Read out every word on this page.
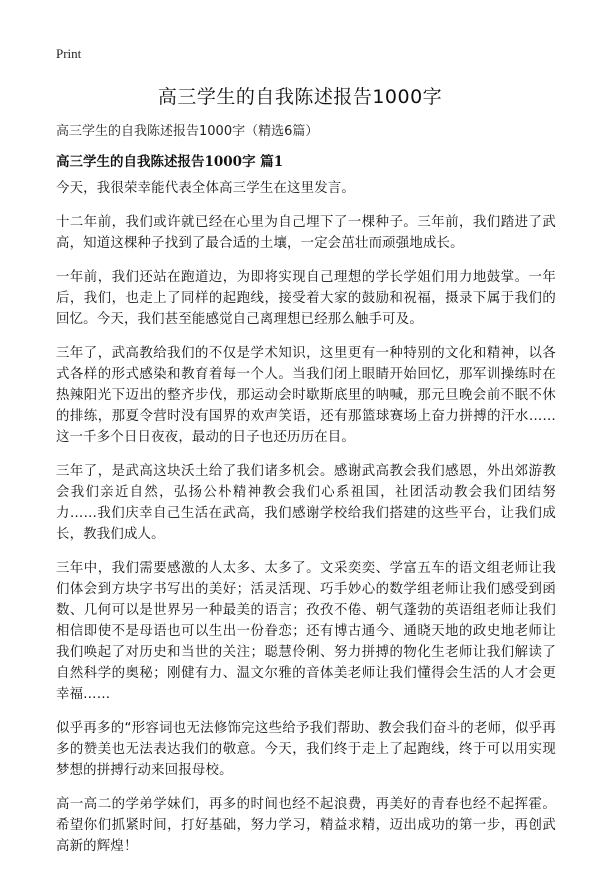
Print
高三学生的自我陈述报告1000字
高三学生的自我陈述报告1000字（精选6篇）
高三学生的自我陈述报告1000字 篇1

今天，我很荣幸能代表全体高三学生在这里发言。

十二年前，我们或许就已经在心里为自己埋下了一棵种子。三年前，我们踏进了武高，知道这棵种子找到了最合适的土壤，一定会茁壮而顽强地成长。

一年前，我们还站在跑道边，为即将实现自己理想的学长学姐们用力地鼓掌。一年后，我们，也走上了同样的起跑线，接受着大家的鼓励和祝福，摄录下属于我们的回忆。今天，我们甚至能感觉自己离理想已经那么触手可及。

三年了，武高教给我们的不仅是学术知识，这里更有一种特别的文化和精神，以各式各样的形式感染和教育着每一个人。当我们闭上眼睛开始回忆，那军训操练时在热辣阳光下迈出的整齐步伐，那运动会时歇斯底里的呐喊，那元旦晚会前不眠不休的排练，那夏令营时没有国界的欢声笑语，还有那篮球赛场上奋力拼搏的汗水……这一千多个日日夜夜，最动的日子也还历历在目。

三年了，是武高这块沃土给了我们诸多机会。感谢武高教会我们感恩，外出郊游教会我们亲近自然，弘扬公朴精神教会我们心系祖国，社团活动教会我们团结努力……我们庆幸自己生活在武高，我们感谢学校给我们搭建的这些平台，让我们成长，教我们成人。

三年中，我们需要感激的人太多、太多了。文采奕奕、学富五车的语文组老师让我们体会到方块字书写出的美好；活灵活现、巧手妙心的数学组老师让我们感受到函数、几何可以是世界另一种最美的语言；孜孜不倦、朝气蓬勃的英语组老师让我们相信即使不是母语也可以生出一份眷恋；还有博古通今、通晓天地的政史地老师让我们唤起了对历史和当世的关注；聪慧伶俐、努力拼搏的物化生老师让我们解读了自然科学的奥秘；刚健有力、温文尔雅的音体美老师让我们懂得会生活的人才会更幸福……

似乎再多的“形容词也无法修饰完这些给予我们帮助、教会我们奋斗的老师，似乎再多的赞美也无法表达我们的敬意。今天，我们终于走上了起跑线，终于可以用实现梦想的拼搏行动来回报母校。

高一高二的学弟学妹们，再多的时间也经不起浪费，再美好的青春也经不起挥霍。希望你们抓紧时间，打好基础，努力学习，精益求精，迈出成功的第一步，再创武高新的辉煌！
